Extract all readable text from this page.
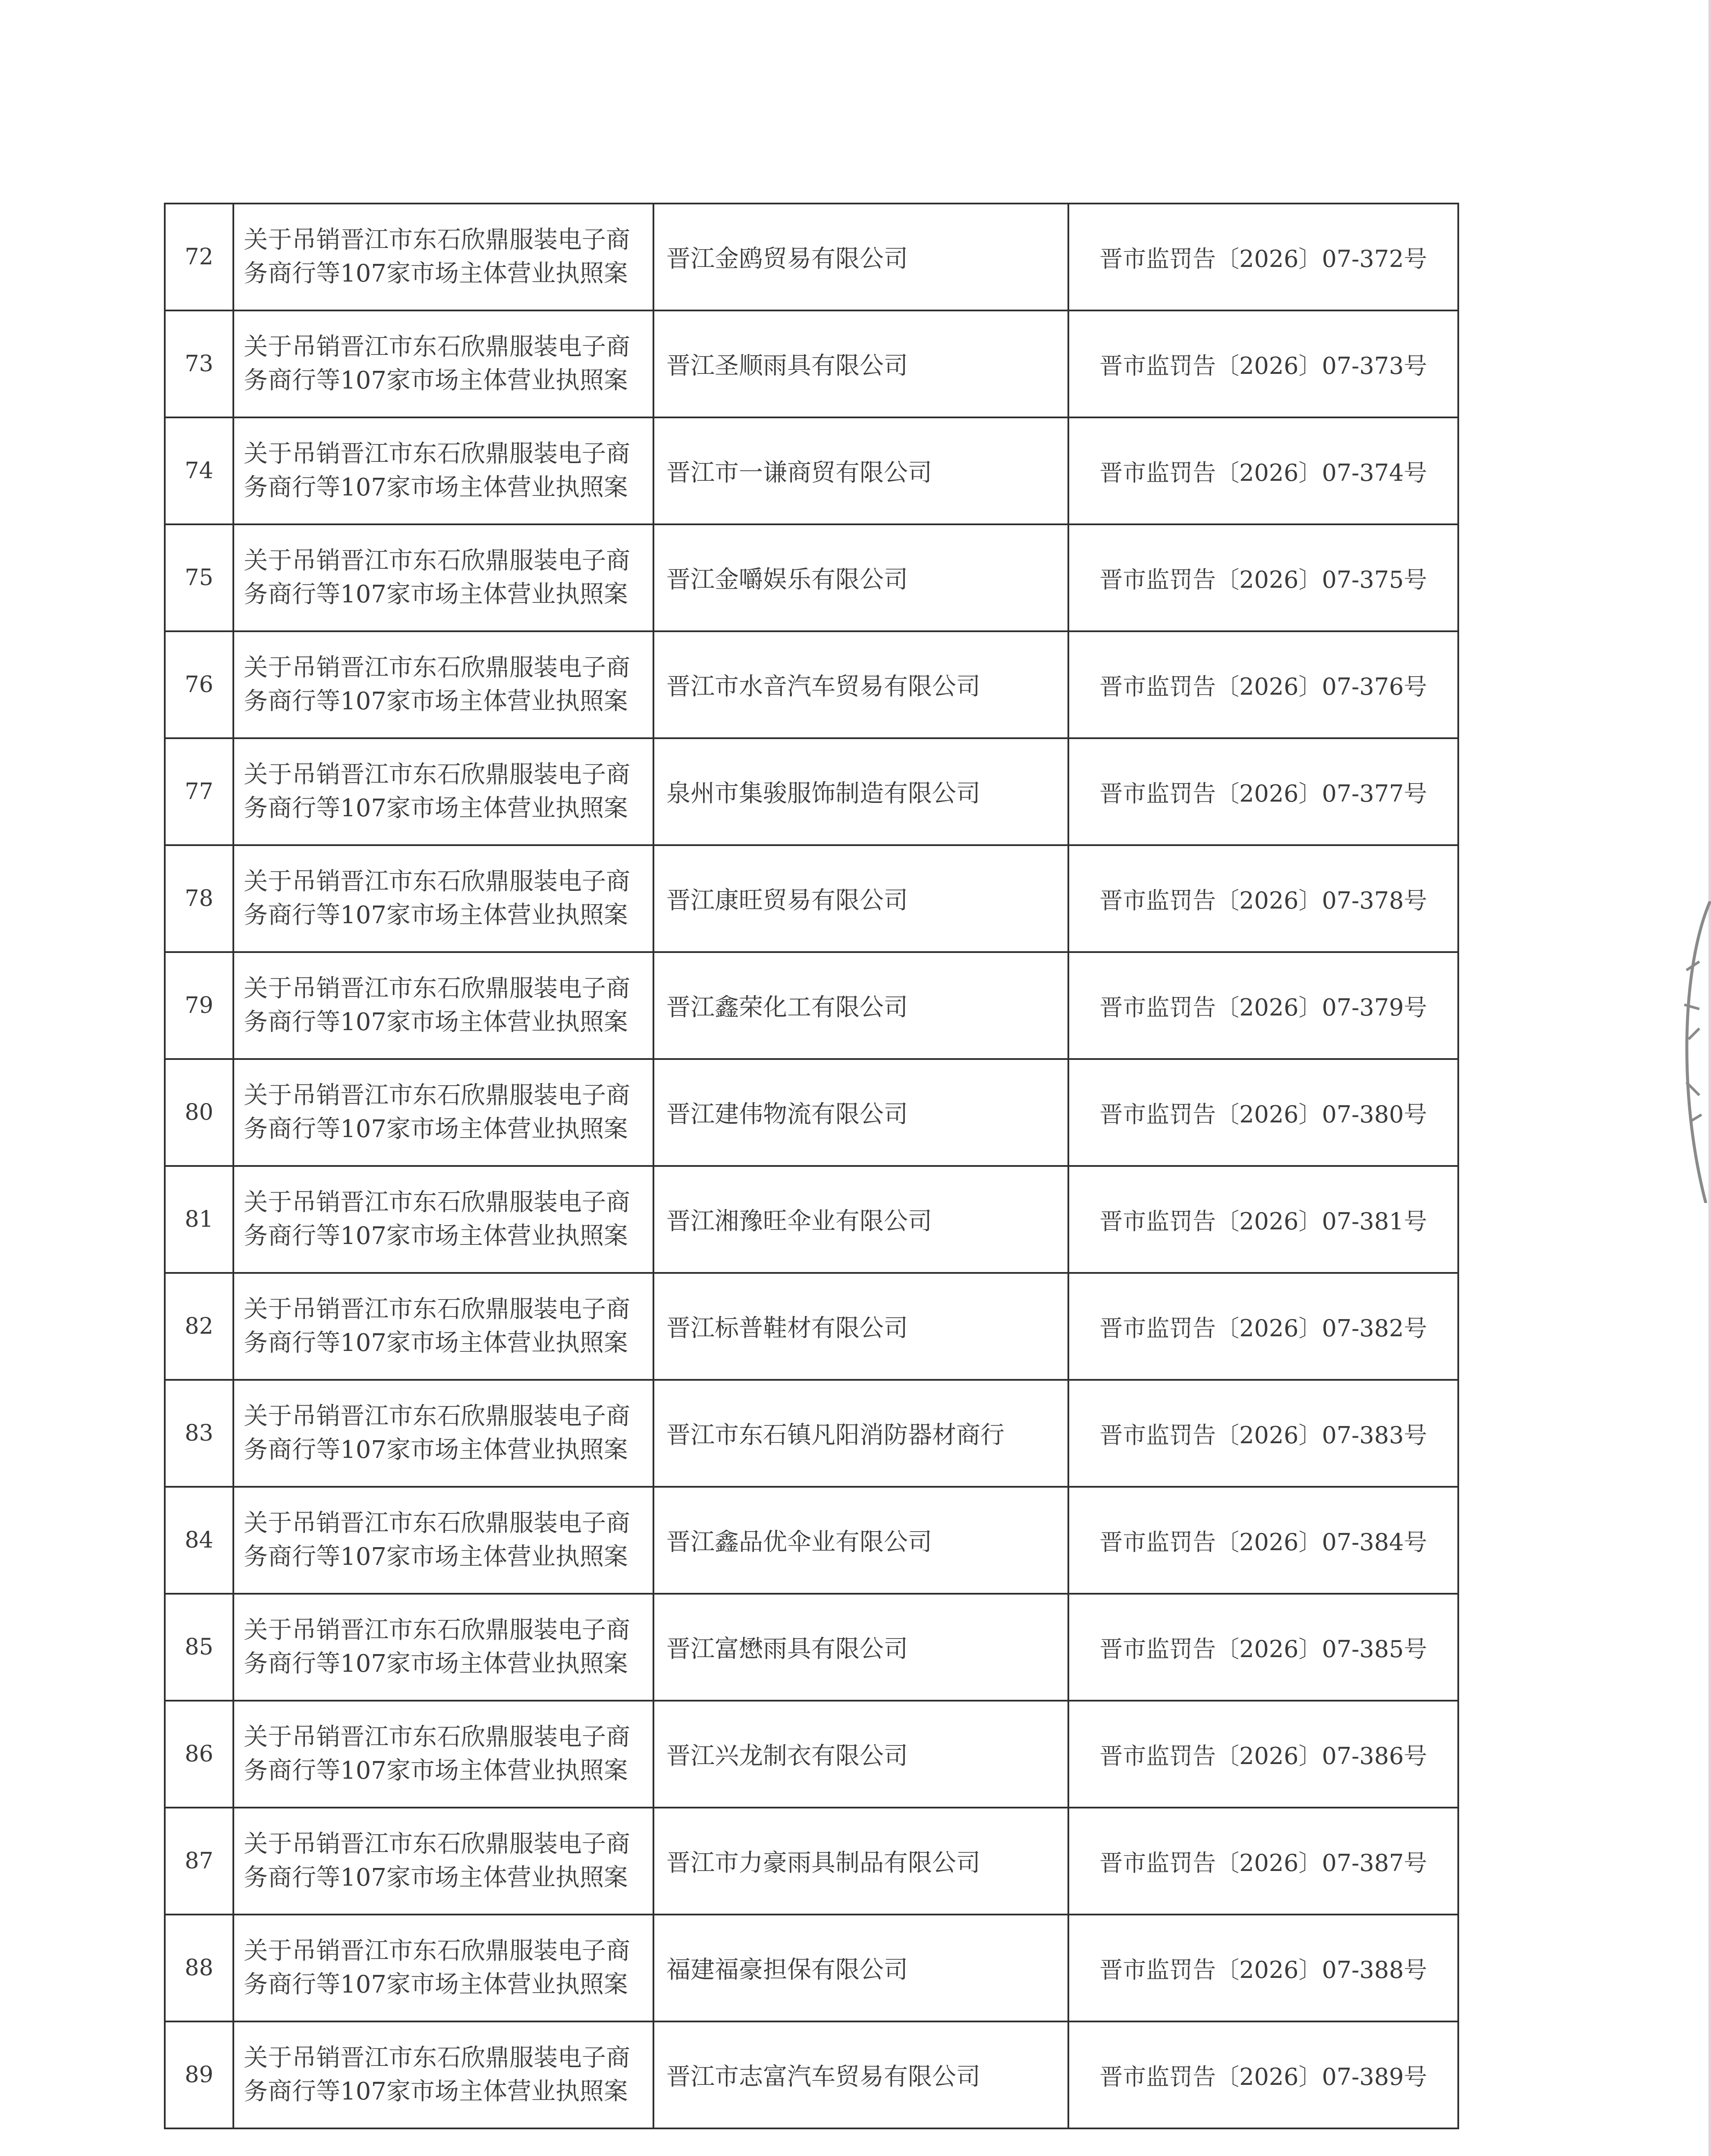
72	关于吊销晋江市东石欣鼎服装电子商务商行等107家市场主体营业执照案	晋江金鸥贸易有限公司	晋市监罚告〔2026〕07-372号
73	关于吊销晋江市东石欣鼎服装电子商务商行等107家市场主体营业执照案	晋江圣顺雨具有限公司	晋市监罚告〔2026〕07-373号
74	关于吊销晋江市东石欣鼎服装电子商务商行等107家市场主体营业执照案	晋江市一谦商贸有限公司	晋市监罚告〔2026〕07-374号
75	关于吊销晋江市东石欣鼎服装电子商务商行等107家市场主体营业执照案	晋江金嚼娱乐有限公司	晋市监罚告〔2026〕07-375号
76	关于吊销晋江市东石欣鼎服装电子商务商行等107家市场主体营业执照案	晋江市水音汽车贸易有限公司	晋市监罚告〔2026〕07-376号
77	关于吊销晋江市东石欣鼎服装电子商务商行等107家市场主体营业执照案	泉州市集骏服饰制造有限公司	晋市监罚告〔2026〕07-377号
78	关于吊销晋江市东石欣鼎服装电子商务商行等107家市场主体营业执照案	晋江康旺贸易有限公司	晋市监罚告〔2026〕07-378号
79	关于吊销晋江市东石欣鼎服装电子商务商行等107家市场主体营业执照案	晋江鑫荣化工有限公司	晋市监罚告〔2026〕07-379号
80	关于吊销晋江市东石欣鼎服装电子商务商行等107家市场主体营业执照案	晋江建伟物流有限公司	晋市监罚告〔2026〕07-380号
81	关于吊销晋江市东石欣鼎服装电子商务商行等107家市场主体营业执照案	晋江湘豫旺伞业有限公司	晋市监罚告〔2026〕07-381号
82	关于吊销晋江市东石欣鼎服装电子商务商行等107家市场主体营业执照案	晋江标普鞋材有限公司	晋市监罚告〔2026〕07-382号
83	关于吊销晋江市东石欣鼎服装电子商务商行等107家市场主体营业执照案	晋江市东石镇凡阳消防器材商行	晋市监罚告〔2026〕07-383号
84	关于吊销晋江市东石欣鼎服装电子商务商行等107家市场主体营业执照案	晋江鑫品优伞业有限公司	晋市监罚告〔2026〕07-384号
85	关于吊销晋江市东石欣鼎服装电子商务商行等107家市场主体营业执照案	晋江富懋雨具有限公司	晋市监罚告〔2026〕07-385号
86	关于吊销晋江市东石欣鼎服装电子商务商行等107家市场主体营业执照案	晋江兴龙制衣有限公司	晋市监罚告〔2026〕07-386号
87	关于吊销晋江市东石欣鼎服装电子商务商行等107家市场主体营业执照案	晋江市力豪雨具制品有限公司	晋市监罚告〔2026〕07-387号
88	关于吊销晋江市东石欣鼎服装电子商务商行等107家市场主体营业执照案	福建福豪担保有限公司	晋市监罚告〔2026〕07-388号
89	关于吊销晋江市东石欣鼎服装电子商务商行等107家市场主体营业执照案	晋江市志富汽车贸易有限公司	晋市监罚告〔2026〕07-389号
